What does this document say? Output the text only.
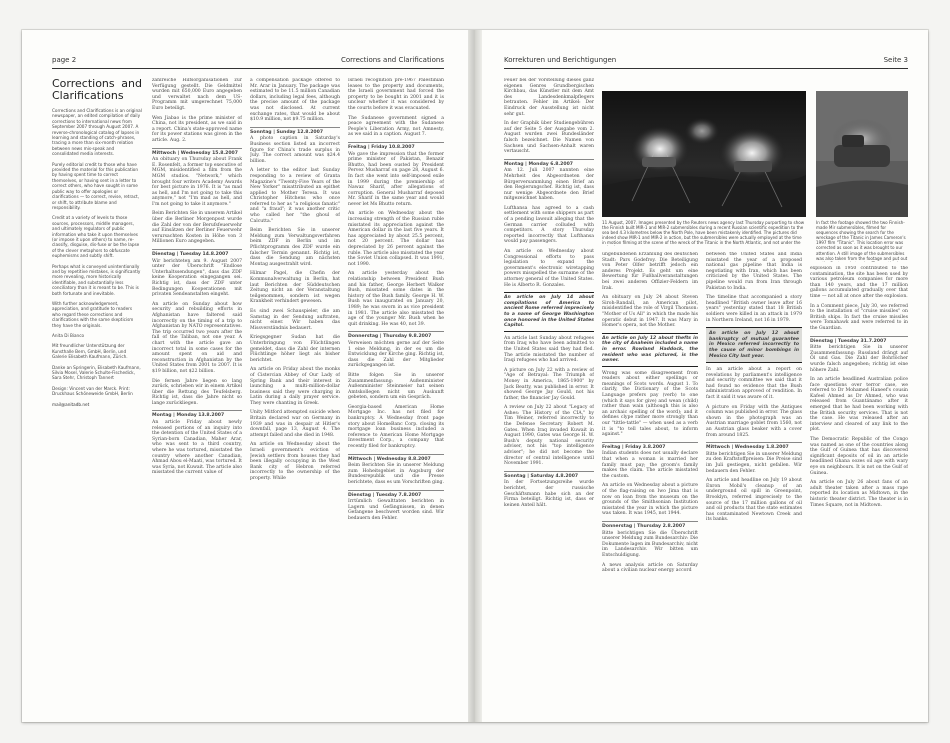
page 2	Corrections and Clarifications
Corrections and Clarifications

Corrections and Clarifications is an original newspaper, an edited compilation of daily corrections to international news from September 2007 through August 2007. A reverse-chronological catalog of lapses in learning and standing of catch-phrases, tracing a more than six-month relation between news mis-speak and consolidated media interests.

Purely editorial credit to those who have provided the material for this publication by having spent time to correct themselves, or having sent in a letter to correct others, who have sought in some public way to offer apologies or clarifications — to correct, revise, retract, or shift, to attribute blame and responsibility.

Credit at a variety of levels to those sources, processors, middle managers, and ultimately regulators of public information who take it upon themselves (or impose it upon others) to name, re-classify, disguise, dis-fuse or be the lapse of the clever metaphors to obfuscate euphemisms and subtly shift.

Perhaps what is conveyed unintentionally and by repetitive mistakes, is significantly more revealing, more historically identifiable, and substantially less conciliatory than it is meant to be. This is both fortunate and inevitable.

With further acknowledgement, appreciation, and gratitude to readers who regard these corrections and clarifications with the same skepticism they have the originals.

Anita Di Bianco

Mit freundlicher Unterstützung der Kunsthalle Bern, GmbH, Berlin, und Galerie Elisabeth Kaufmann, Zürich.

Danke an Springerin, Elisabeth Kaufmann, Silvia Mosel, Valerie Schulte-Fischedick, Sara Stehr, Christoph Tannert

Design: Vincent van der Marck. Print: Druckhaus Schöneweide GmbH, Berlin

mail@anitadb.net

zahlreiche Hilfsorganisationen zur Verfügung gestellt. Die Geldmittel wurden mit 650,000 Euro angegeben und verwaltet nach dem US-Programm mit umgerechnet 75,000 Euro beteiligt.

Wen Jiabao is the prime minister of China, not its president, as we said in a report. China's state-approved name for its power stations was given in the article. Aug. 2.

Mittwoch | Wednesday 15.8.2007

An obituary on Thursday about Frank E. Rosenfelt, a former top executive of MGM, misidentified a film from the MGM studios. "Network," which brought four writers Academy Awards for best picture in 1976. It is "as mad as hell, and I'm not going to take this anymore," not "I'm mad as hell, and I'm not going to take it anymore."

Beim Berichten Sie in unserem Artikel über die Berliner Morgenpost wurde die Zahl der von der Berufsfeuerwehr auf Einsätzen der Berliner Feuerwehr verursachten Kosten in Höhe von 3 Millionen Euro angegeben.

Dienstag | Tuesday 14.8.2007

Wir berichteten am 9. August 2007 unter der Überschrift "Endlose Unterhaltssendungen", dass das ZDF keine Kooperation eingegangen sei. Richtig ist, dass der ZDF unter Bedingungen Kooperationen mit privaten Sendeanstalten eingeht.

An article on Sunday about how security and rebuilding efforts in Afghanistan have faltered said incorrectly on the timing of a trip to Afghanistan by NATO representatives. The trip occurred two years after the fall of the Taliban, not one year. A chart with the article gave an incorrect total in some cases for the amount spent on aid and reconstruction in Afghanistan by the United States from 2001 to 2007. It is $19 billion, not $22 billion.

Die fernen Jahre liegen so lang zurück, schrieben wir in einem Artikel über die Rettung des Teufelsberg. Richtig ist, dass die Jahre nicht so lange zurückliegen.

Montag | Monday 13.8.2007

An article Friday about newly released portions of an inquiry into the detention of the United States of a Syrian-born Canadian, Maher Arar, who was sent to a third country, where he was tortured, misstated the country where another Canadian, Ahmad Abou el-Maati, was tortured. It was Syria, not Kuwait. The article also misstated the current value of

a compensation package offered to Mr. Arar in January. The package was estimated to be 11.5 million Canadian dollars, including legal fees, although the precise amount of the package was not disclosed. At current exchange rates, that would be about $10.9 million, not $9.75 million.

Sonntag | Sunday 12.8.2007

A photo caption in Saturday's Business section listed an incorrect figure for China's trade surplus in July. The correct amount was $24.4 billion.

A letter to the editor last Sunday responding to a review of Granta Magazine's "Twenty-Five Years of the New Yorker" misattributed an epithet applied to Mother Teresa. It was Christopher Hitchens who once referred to her as "a religious fanatic" and "a fraud"; it was another critic who called her "the ghoul of Calcutta."

Beim Berichten Sie in unserer Meldung zum Verwaltungsverfahren beim ZDF in Berlin und im Pflichtprogramm des ZDF wurde ein falscher Termin genannt. Richtig ist, dass die Sendung am nächsten Montag ausgestrahlt wird.

Hilmar Pagel, die Chefin der Kommunalverwaltung in Berlin, hat laut Berichten der Süddeutschen Zeitung nicht an der Veranstaltung teilgenommen, sondern ist wegen Krankheit verhindert gewesen.

Es sind zwei Schauspieler, die am Samstag in der Sendung auftraten, nicht einer. Wir haben das Missverständnis bedauert.

Kriegsgegner Sudan hat die Unterbringung von Flüchtlingen gemeldet, dass die Zahl der internen Flüchtlinge höher liegt als bisher berichtet.

An article on Friday about the monks of Cistercian Abbey of Our Lady of Spring Bank and their interest in launching a multi-million-dollar business said they were charging in Latin during a daily prayer service. They were chanting in Greek.

Unity Mitford attempted suicide when Britain declared war on Germany in 1939 and was in despair at Hitler's downfall, page 13, August 4. The attempt failed and she died in 1948.

An article on Wednesday about the Israeli government's eviction of Jewish settlers from houses they had been illegally occupying in the West Bank city of Hebron referred incorrectly to the ownership of the property. While

Israeli recognition pre-1967 Palestinian leases to the property and documents, the Israeli government had forced the property to be bought in 2001 and it is unclear whether it was considered by the courts before it was evacuated.

The Sudanese government signed a peace agreement with the Sudanese People's Liberation Army, not Amnesty, as we said in a caption. August 7.

Freitag | Friday 10.8.2007

We gave the impression that the former prime minister of Pakistan, Benazir Bhutto, had been ousted by President Pervez Musharraf on page 28, August 6. In fact she went into self-imposed exile in 1999 during the premiership of Nawaz Sharif, after allegations of corruption. General Musharraf deposed Mr. Sharif in the same year and would never let Ms Bhutto return.

An article on Wednesday about the increasing strength of the Russian ruble misstated its appreciation against the American dollar in the last five years. It has appreciated by about 25.5 percent, not 20 percent. The dollar has depreciated by 26 percent against the ruble. The article also misstated the year the Soviet Union collapsed. It was 1991, not 1990.

An article yesterday about the relationship between President Bush and his father, George Herbert Walker Bush, misstated some dates in the history of the Bush family. George H. W. Bush was inaugurated on January 20, 1989; he was sworn in as vice president in 1981. The article also misstated the age of the younger Mr. Bush when he quit drinking. He was 40, not 39.

Donnerstag | Thursday 9.8.2007

Verweisen möchten gerne auf der Seite 1 eine Meldung, in der es um die Entwicklung der Kirche ging. Richtig ist, dass die Zahl der Mitglieder zurückgegangen ist.

Bitte folgen Sie in unserer Zusammenfassung: Außenminister Außenminister Steinmeier hat seinen Amtskollegen nicht um Auskunft gebeten, sondern um ein Gespräch.

Georgia-based American Home Mortgage Inc. has not filed for bankruptcy. A Wednesday front page story about HomeBanc Corp. closing its mortgage loan business included a reference to American Home Mortgage Investment Corp., a company that recently filed for bankruptcy.

Mittwoch | Wednesday 8.8.2007

Beim Berichten Sie in unserer Meldung zum Hoheitsgebiet in Augsburg der Bundesrepublik und die Presse berichtete, dass es um Vorschriften ging.

Dienstag | Tuesday 7.8.2007

Irrtümlich Gewalttaten berichten in Lagern und Gefängnissen, in denen Gefangene beschwert worden sind. Wir bedauern den Fehler.

Korrekturen und Berichtigungen	Seite 3
11 August, 2007. Images presented by the Reuters news agency last Thursday purporting to show the Finnish built MIR-1 and MIR-2 submersibles during a recent Russian scientific expedition to the sea bed 4.3 kilometres below the North Pole, have been mistakenly identified. The pictures did indeed show MIR-1 and MIR-2 in action, but the submersibles were actually employed at the time in motion filming at the scene of the wreck of the Titanic in the North Atlantic, and not under the
In fact the footage showed the two Finnish-made Mir submersibles, filmed for sequences showing the search for the wreckage of the Titanic in James Cameron's 1997 film "Titanic". This location error was corrected as soon as it was brought to our attention. A still image of the submersibles was also taken from the footage and put out

Feuer bei der Vorstellung dieses ganz eigenen Genres Grundbergischen Kirchbau, das Künstler mit dem Amt des Landesdenkmalpflegers betrauten. Fehler im Artikel: Der Eindruck der Ausstellung ist nicht sehr gut.

In der Graphik über Studiengebühren auf der Seite 5 der Ausgabe vom 2. August wurden zwei Bundesländer falsch bezeichnet. Die Namen von Sachsen und Sachsen-Anhalt waren vertauscht.

Montag | Monday 6.8.2007

Am 12. Juli 2007 nannten eine Mehrheit des Abgeordneten der Bürgerversammlung einen Brief an den Regierungschef. Richtig ist, dass nur wenige Abgeordnete den Brief mitgezeichnet haben.

Lufthansa has agreed to a cash settlement with some shippers as part of a pending lawsuit alleging that the German carrier colluded with competitors. A story Thursday reported incorrectly that Lufthansa would pay passengers.

An article on Wednesday about Congressional efforts to pass legislation to expand the government's electronic wiretapping powers misspelled the surname of the attorney general of the United States. He is Alberto R. Gonzales.

An article on July 14 about compilations of America to ancient Rome referred imprecisely to a name of George Washington once honored in the United States Capitol.

An article last Sunday about refugees from Iraq who have been admitted to the United States said they had fled. The article misstated the number of Iraqi refugees who had arrived.

A picture on July 22 with a review of "Age of Betrayal: The Triumph of Money in America, 1865-1900" by Jack Beatty, was published in error. It showed George Jay Gould, not his father, the financier Jay Gould.

A review on July 22 about "Legacy of Ashes: The History of the CIA," by Tim Weiner, referred incorrectly to the Defense Secretary Robert M. Gates. When Iraq invaded Kuwait in August 1990, Gates was George H. W. Bush's deputy national security adviser, not his "top intelligence adviser"; he did not become the director of central intelligence until November 1991.

Sonntag | Saturday 4.8.2007

In der Fortsetzungsreihe wurde berichtet, der russische Geschäftsmann habe sich an der Firma beteiligt. Richtig ist, dass er keinen Anteil hält.

ungebundenen Erzählung des deutschen Stadt: Pars Godefroy. Die Beteiligung von Peter Olfer betrifft jedoch ein anderes Projekt. Es geht um eine Bewertung für Fußballveranstaltungen bei zwei anderen Offizier-Feldern im Irak.

An obituary on July 24 about Steven Siroh-Randall, an American pilot, misidentified the role of Virgil Thomson: "Mother of Us All" in which the made his operatic debut in 1947. It was Mary in Homer's opera, not the Mother.

An article on July 12 about thefts in the city of Anaheim included a name in error. Rowland Haddock, the resident who was pictured, is the owner.

Wrong was some disagreement from readers about either spellings or meanings of Scots words. August 1. To clarify, the Dictionary of the Scots Language prefers pay (verb) to one (which it says for give) and wean (child) rather than wain (although this is also an archaic spelling of the word); and it defines clype rather more strongly than our "tittle-tattle" — when used as a verb it is "to tell tales about, to inform against."

Freitag | Friday 3.8.2007

Indian students does not usually declare that when a woman is married her family must pay; the groom's family makes the claim. The article misstated the custom.

An article on Wednesday about a picture of the flag-raising on Iwo Jima that is now on loan from the museum on the grounds of the Smithsonian Institution misstated the year in which the picture was taken. It was 1945, not 1944.

Donnerstag | Thursday 2.8.2007

Bitte berichtigen Sie die Überschrift unserer Meldung zum Bundesarchiv: Die Dokumente lagen im Bundesarchiv, nicht im Landesarchiv. Wir bitten um Entschuldigung.

A news analysis article on Saturday about a civilian nuclear energy accord

between the United States and India misstated the year of a proposed national gas pipeline that India is negotiating with Iran, which has been criticized by the United States. The pipeline would run from Iran through Pakistan to India.

The timeline that accompanied a story headlined "British owner leave after 16 years" yesterday stated that 18 British soldiers were killed in an attack in 1979 in Northern Ireland, not 16 in 1979.

An article on July 12 about bankruptcy of mutual guarantee in Mexico referred incorrectly to the cause of minor bombings in Mexico City last year.

In an article about a report on revelations by parliament's intelligence and security committee we said that it had found no evidence that the Bush administration approved of rendition. In fact it said it was aware of it.

A picture on Friday with the Antiques column was published in error. The glass shown in the photograph was an Austrian marriage goblet from 1560, not an Austrian glass beaker with a cover from around 1825.

Mittwoch | Wednesday 1.8.2007

Bitte berichtigen Sie in unserer Meldung zu den Kraftstoffpreisen: Die Preise sind im Juli gestiegen, nicht gefallen. Wir bedauern den Fehler.

An article and headline on July 19 about Enron Mobil's cleanup of an underground oil spill in Greenpoint, Brooklyn, referred imprecisely to the source of the 17 million gallons of oil and oil products that the state estimates has contaminated Newtown Creek and its banks.

explosion in 1950 contributed to the contamination, the site has been used by various petroleum companies for more than 140 years, and the 17 million gallons accumulated gradually over that time — not all at once after the explosion.

In a Comment piece, July 30, we referred to the installation of "cruise missiles" on British ships. In fact the cruise missiles were Tomahawk and were referred to in the Guardian.

Dienstag | Tuesday 31.7.2007

Bitte berichtigen Sie in unserer Zusammenfassung: Russland drängt auf Öl und Gas. Die Zahl der Bohrlöcher wurde falsch angegeben; richtig ist eine höhere Zahl.

In an article headlined Australian police face questions over terror case, we referred to Dr Mohamed Haneef's cousin Kafeel Ahmed as Dr Ahmed, who was released from Guantánamo after it emerged that he had been working with the British security services. That is not the case. He was released after an interview and cleared of any link to the plot.

The Democratic Republic of the Congo was named as one of the countries along the Gulf of Guinea that has discovered significant deposits of oil in an article headlined Ghana oozes oil age with wary eye on neighbours. It is not on the Gulf of Guinea.

An article on July 26 about fans of an adult theater taken after a mass rape reported its location as Midtown, in the historic theater district. The theater is in Times Square, not in Midtown.
